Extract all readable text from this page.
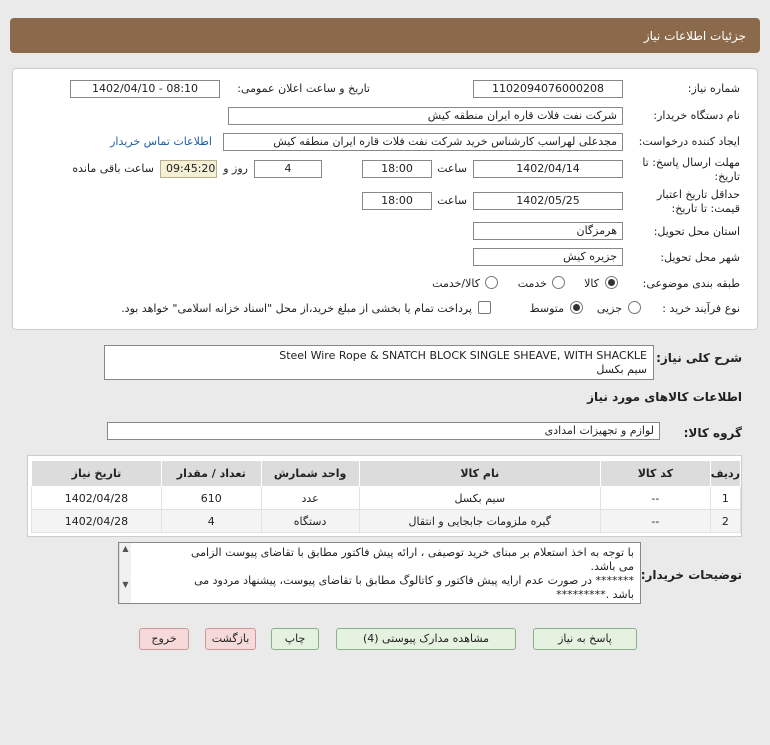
جزئیات اطلاعات نیاز
شماره نیاز:
1102094076000208
تاریخ و ساعت اعلان عمومی:
1402/04/10 - 08:10
نام دستگاه خریدار:
شرکت نفت فلات قاره ایران منطقه کیش
ایجاد کننده درخواست:
مجدعلی لهراسب کارشناس خرید شرکت نفت فلات قاره ایران منطقه کیش
اطلاعات تماس خریدار
مهلت ارسال پاسخ: تا
تاریخ:
1402/04/14
ساعت
18:00
4
روز و
09:45:20
ساعت باقی مانده
حداقل تاریخ اعتبار
قیمت: تا تاریخ:
1402/05/25
ساعت
18:00
استان محل تحویل:
هرمزگان
شهر محل تحویل:
جزیره کیش
طبقه بندی موضوعی:
کالا
خدمت
کالا/خدمت
نوع فرآیند خرید :
جزیی
متوسط
پرداخت تمام یا بخشی از مبلغ خرید،از محل "اسناد خزانه اسلامی" خواهد بود.
شرح کلی نیاز:
Steel Wire Rope & SNATCH BLOCK SINGLE SHEAVE, WITH SHACKLE
سیم بکسل
اطلاعات کالاهای مورد نیاز
گروه کالا:
لوازم و تجهیزات امدادی
ردیف	کد کالا	نام کالا	واحد شمارش	تعداد / مقدار	تاریخ نیاز
1	--	سیم بکسل	عدد	610	1402/04/28
2	--	گیره ملزومات جابجایی و انتقال	دستگاه	4	1402/04/28
توضیحات خریدار:
با توجه به اخذ استعلام بر مبنای خرید توصیفی ، ارائه پیش فاکتور مطابق با تقاضای پیوست الزامی
می باشد.
******* در صورت عدم ارایه پیش فاکتور و کاتالوگ مطابق با تقاضای پیوست، پیشنهاد مردود می
باشد .*********
▲
▼
پاسخ به نیاز
مشاهده مدارک پیوستی (4)
چاپ
بازگشت
خروج
